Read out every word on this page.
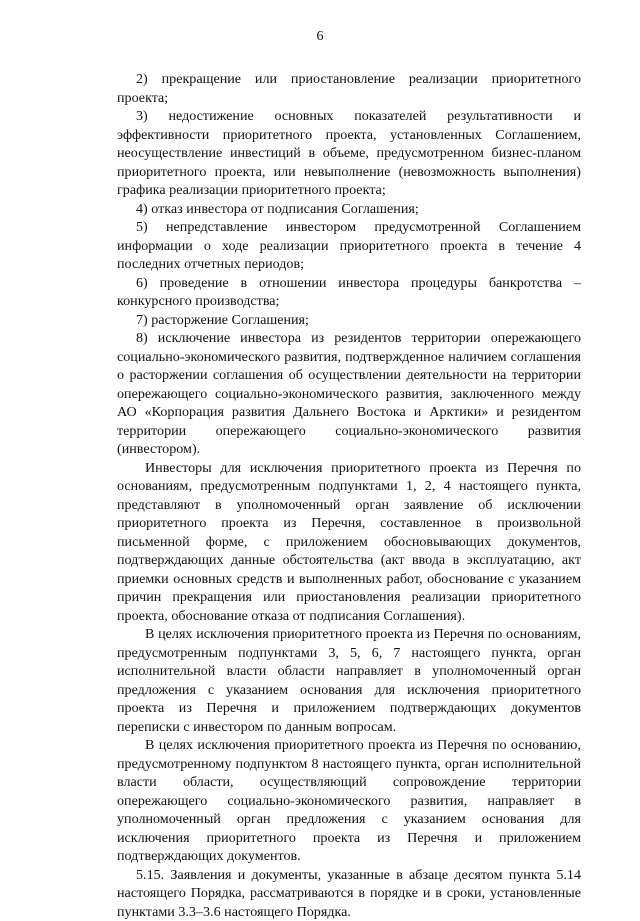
6

2) прекращение или приостановление реализации приоритетного проекта;

3) недостижение основных показателей результативности и эффективности приоритетного проекта, установленных Соглашением, неосуществление инвестиций в объеме, предусмотренном бизнес-планом приоритетного проекта, или невыполнение (невозможность выполнения) графика реализации приоритетного проекта;

4) отказ инвестора от подписания Соглашения;

5) непредставление инвестором предусмотренной Соглашением информации о ходе реализации приоритетного проекта в течение 4 последних отчетных периодов;

6) проведение в отношении инвестора процедуры банкротства – конкурсного производства;

7) расторжение Соглашения;

8) исключение инвестора из резидентов территории опережающего социально-экономического развития, подтвержденное наличием соглашения о расторжении соглашения об осуществлении деятельности на территории опережающего социально-экономического развития, заключенного между АО «Корпорация развития Дальнего Востока и Арктики» и резидентом территории опережающего социально-экономического развития (инвестором).

Инвесторы для исключения приоритетного проекта из Перечня по основаниям, предусмотренным подпунктами 1, 2, 4 настоящего пункта, представляют в уполномоченный орган заявление об исключении приоритетного проекта из Перечня, составленное в произвольной письменной форме, с приложением обосновывающих документов, подтверждающих данные обстоятельства (акт ввода в эксплуатацию, акт приемки основных средств и выполненных работ, обоснование с указанием причин прекращения или приостановления реализации приоритетного проекта, обоснование отказа от подписания Соглашения).

В целях исключения приоритетного проекта из Перечня по основаниям, предусмотренным подпунктами 3, 5, 6, 7 настоящего пункта, орган исполнительной власти области направляет в уполномоченный орган предложения с указанием основания для исключения приоритетного проекта из Перечня и приложением подтверждающих документов переписки с инвестором по данным вопросам.

В целях исключения приоритетного проекта из Перечня по основанию, предусмотренному подпунктом 8 настоящего пункта, орган исполнительной власти области, осуществляющий сопровождение территории опережающего социально-экономического развития, направляет в уполномоченный орган предложения с указанием основания для исключения приоритетного проекта из Перечня и приложением подтверждающих документов.

5.15. Заявления и документы, указанные в абзаце десятом пункта 5.14 настоящего Порядка, рассматриваются в порядке и в сроки, установленные пунктами 3.3–3.6 настоящего Порядка.
